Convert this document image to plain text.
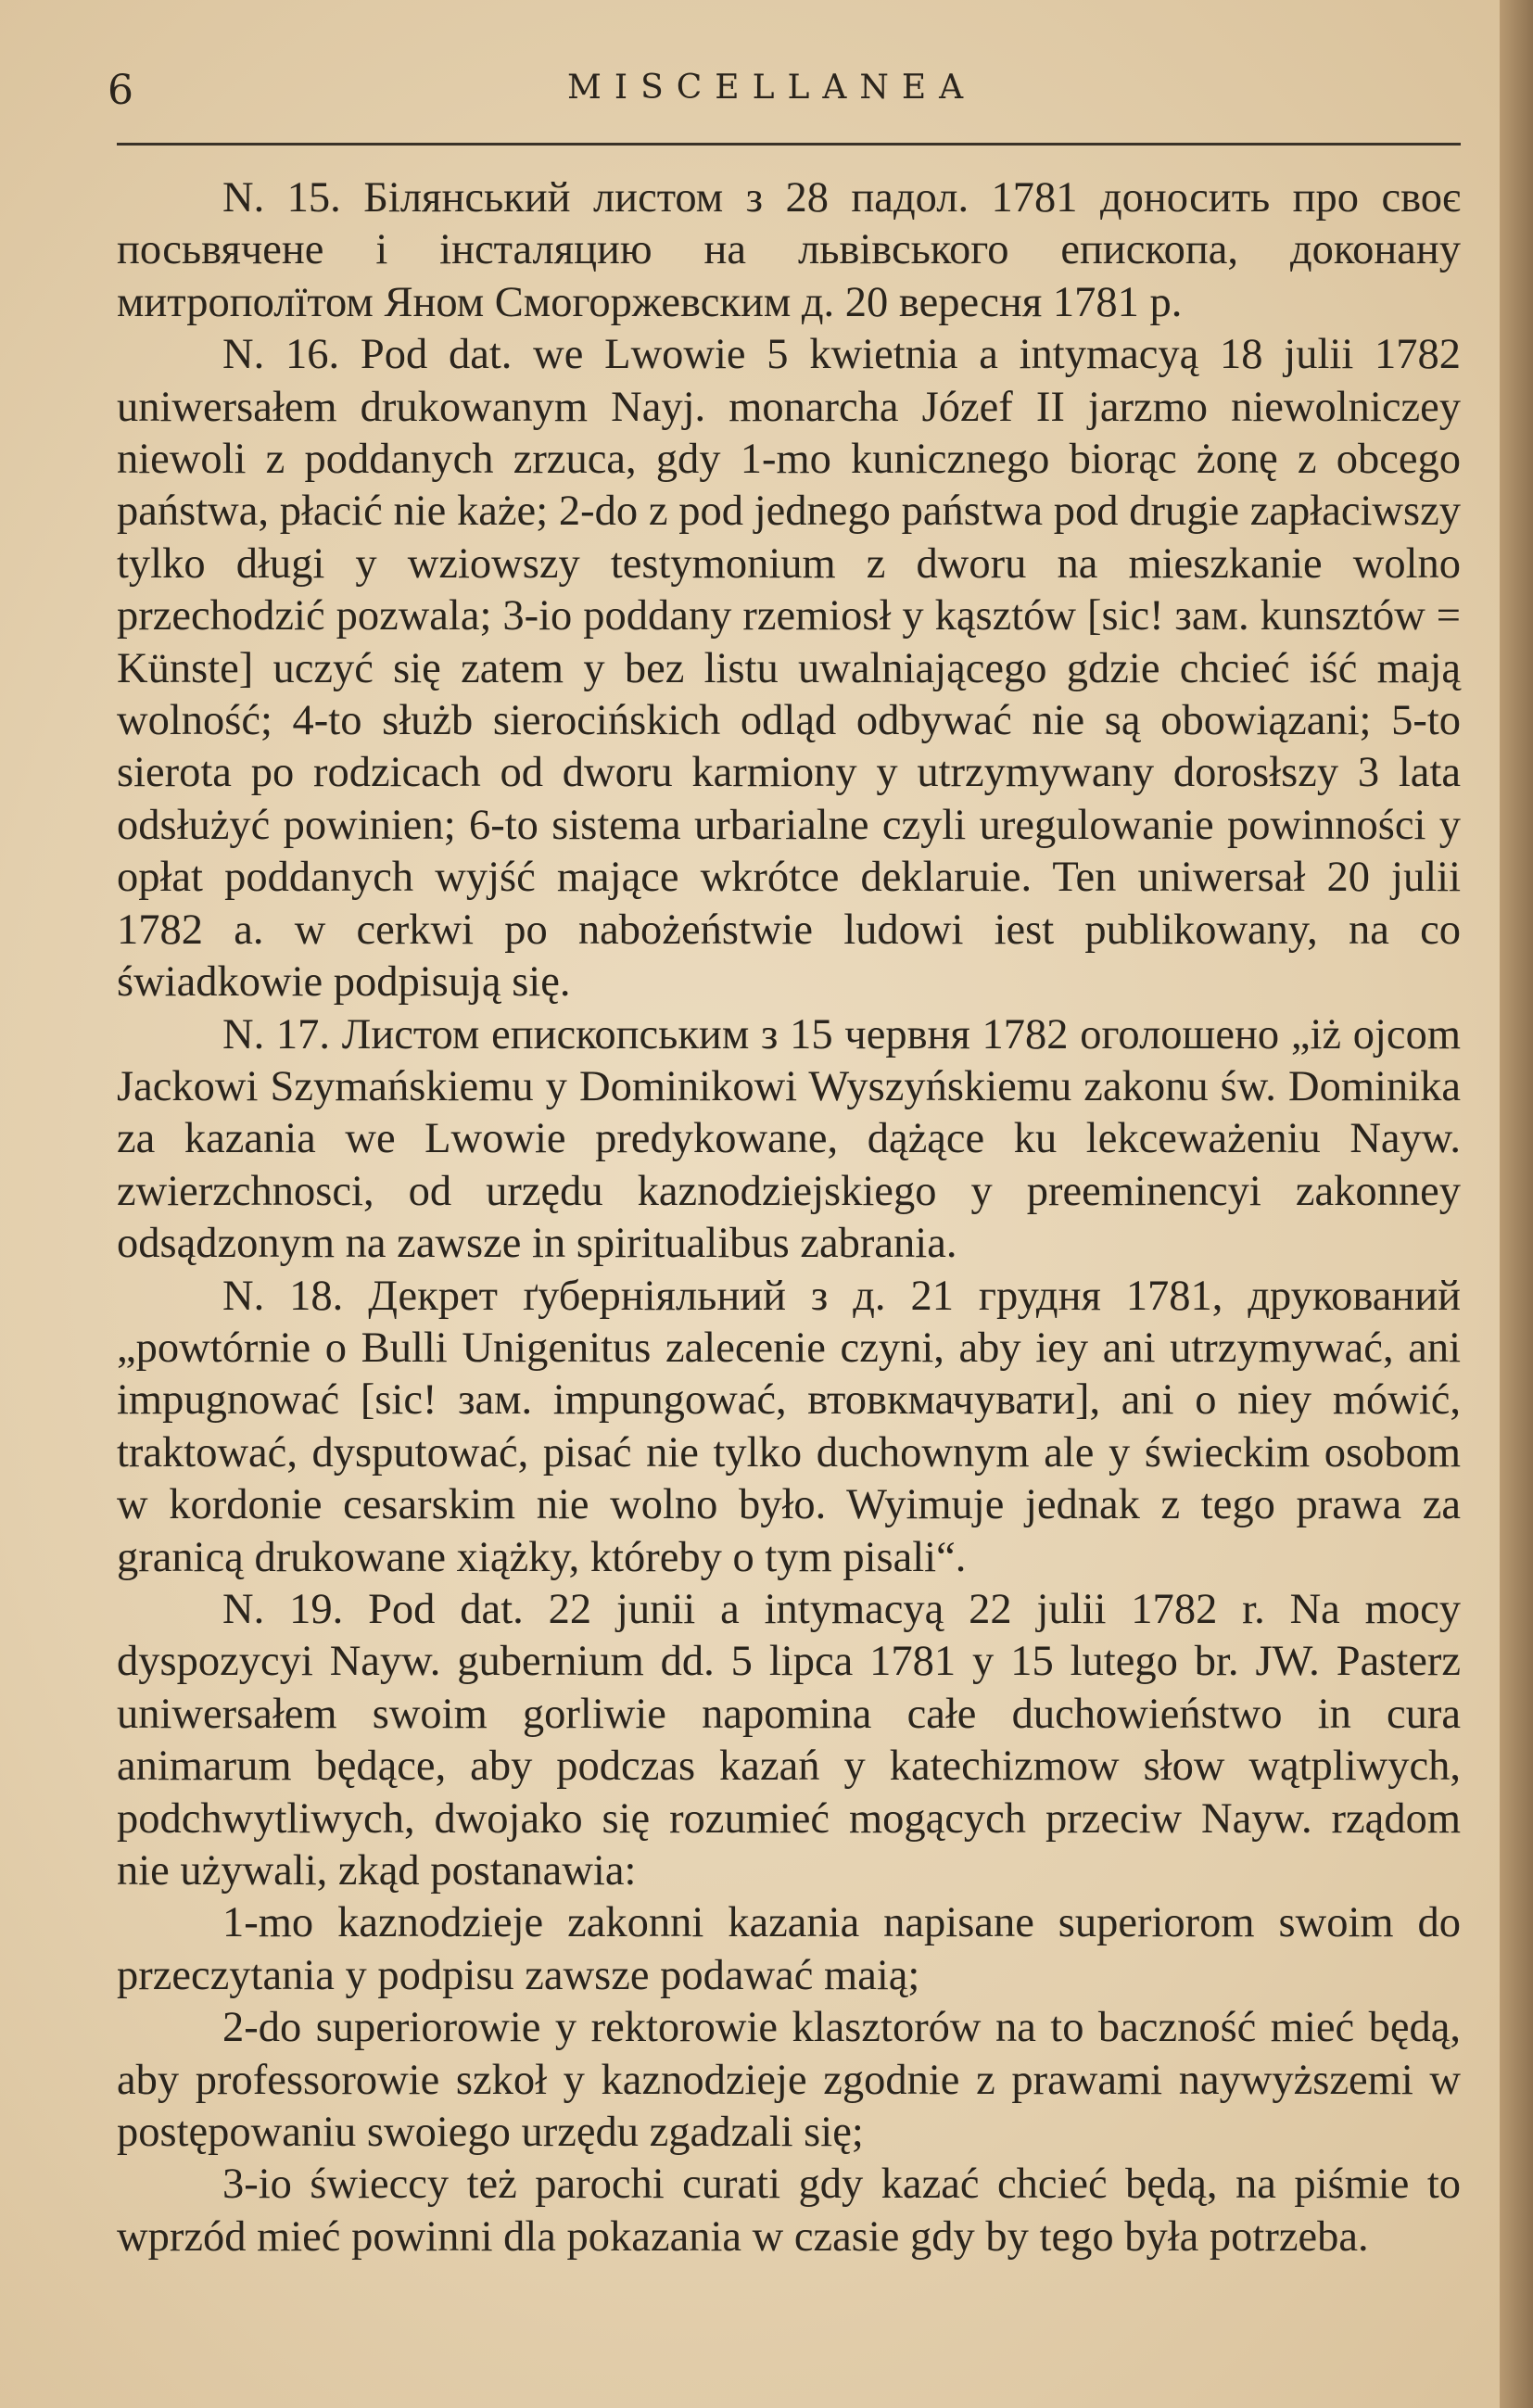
6	MISCELLANEA

N. 15. Білянський листом з 28 падол. 1781 доносить про своє посьвячене і інсталяцию на львівського епископа, доконану митрополїтом Яном Смогоржевским д. 20 вересня 1781 р.

N. 16. Pod dat. we Lwowie 5 kwietnia a intymacyą 18 julii 1782 uniwersałem drukowanym Nayj. monarcha Józef II jarzmo niewolniczey niewoli z poddanych zrzuca, gdy 1-mo kunicznego biorąc żonę z obcego państwa, płacić nie każe; 2-do z pod jednego państwa pod drugie zapłaciwszy tylko długi y wziowszy testymonium z dworu na mieszkanie wolno przechodzić pozwala; 3-io poddany rzemiosł y kąsztów [sic! зам. kunsztów = Künste] uczyć się zatem y bez listu uwalniającego gdzie chcieć iść mają wolność; 4-to służb sierocińskich odląd odbywać nie są obowiązani; 5-to sierota po rodzicach od dworu karmiony y utrzymywany dorosłszy 3 lata odsłużyć powinien; 6-to sistema urbarialne czyli uregulowanie powinności y opłat poddanych wyjść mające wkrótce deklaruie. Ten uniwersał 20 julii 1782 a. w cerkwi po nabożeństwie ludowi iest publikowany, na co świadkowie podpisują się.

N. 17. Листом епископським з 15 червня 1782 оголошено „iż ojcom Jackowi Szymańskiemu y Dominikowi Wyszyńskiemu zakonu św. Dominika za kazania we Lwowie predykowane, dążące ku lekceważeniu Nayw. zwierzchnosci, od urzędu kaznodziejskiego y preeminencyi zakonney odsądzonym na zawsze in spiritualibus zabrania.

N. 18. Декрет ґуберніяльний з д. 21 грудня 1781, друкований „powtórnie o Bulli Unigenitus zalecenie czyni, aby iey ani utrzymywać, ani impugnować [sic! зам. impungować, втовкмачувати], ani o niey mówić, traktować, dysputować, pisać nie tylko duchownym ale y świeckim osobom w kordonie cesarskim nie wolno było. Wyimuje jednak z tego prawa za granicą drukowane xiążky, któreby o tym pisali“.

N. 19. Pod dat. 22 junii a intymacyą 22 julii 1782 r. Na mocy dyspozycyi Nayw. gubernium dd. 5 lipca 1781 y 15 lutego br. JW. Pasterz uniwersałem swoim gorliwie napomina całe duchowieństwo in cura animarum będące, aby podczas kazań y katechizmow słow wątpliwych, podchwytliwych, dwojako się rozumieć mogących przeciw Nayw. rządom nie używali, zkąd postanawia:

1-mo kaznodzieje zakonni kazania napisane superiorom swoim do przeczytania y podpisu zawsze podawać maią;

2-do superiorowie y rektorowie klasztorów na to baczność mieć będą, aby professorowie szkoł y kaznodzieje zgodnie z prawami naywyższemi w postępowaniu swoiego urzędu zgadzali się;

3-io świeccy też parochi curati gdy kazać chcieć będą, na piśmie to wprzód mieć powinni dla pokazania w czasie gdy by tego była potrzeba.
